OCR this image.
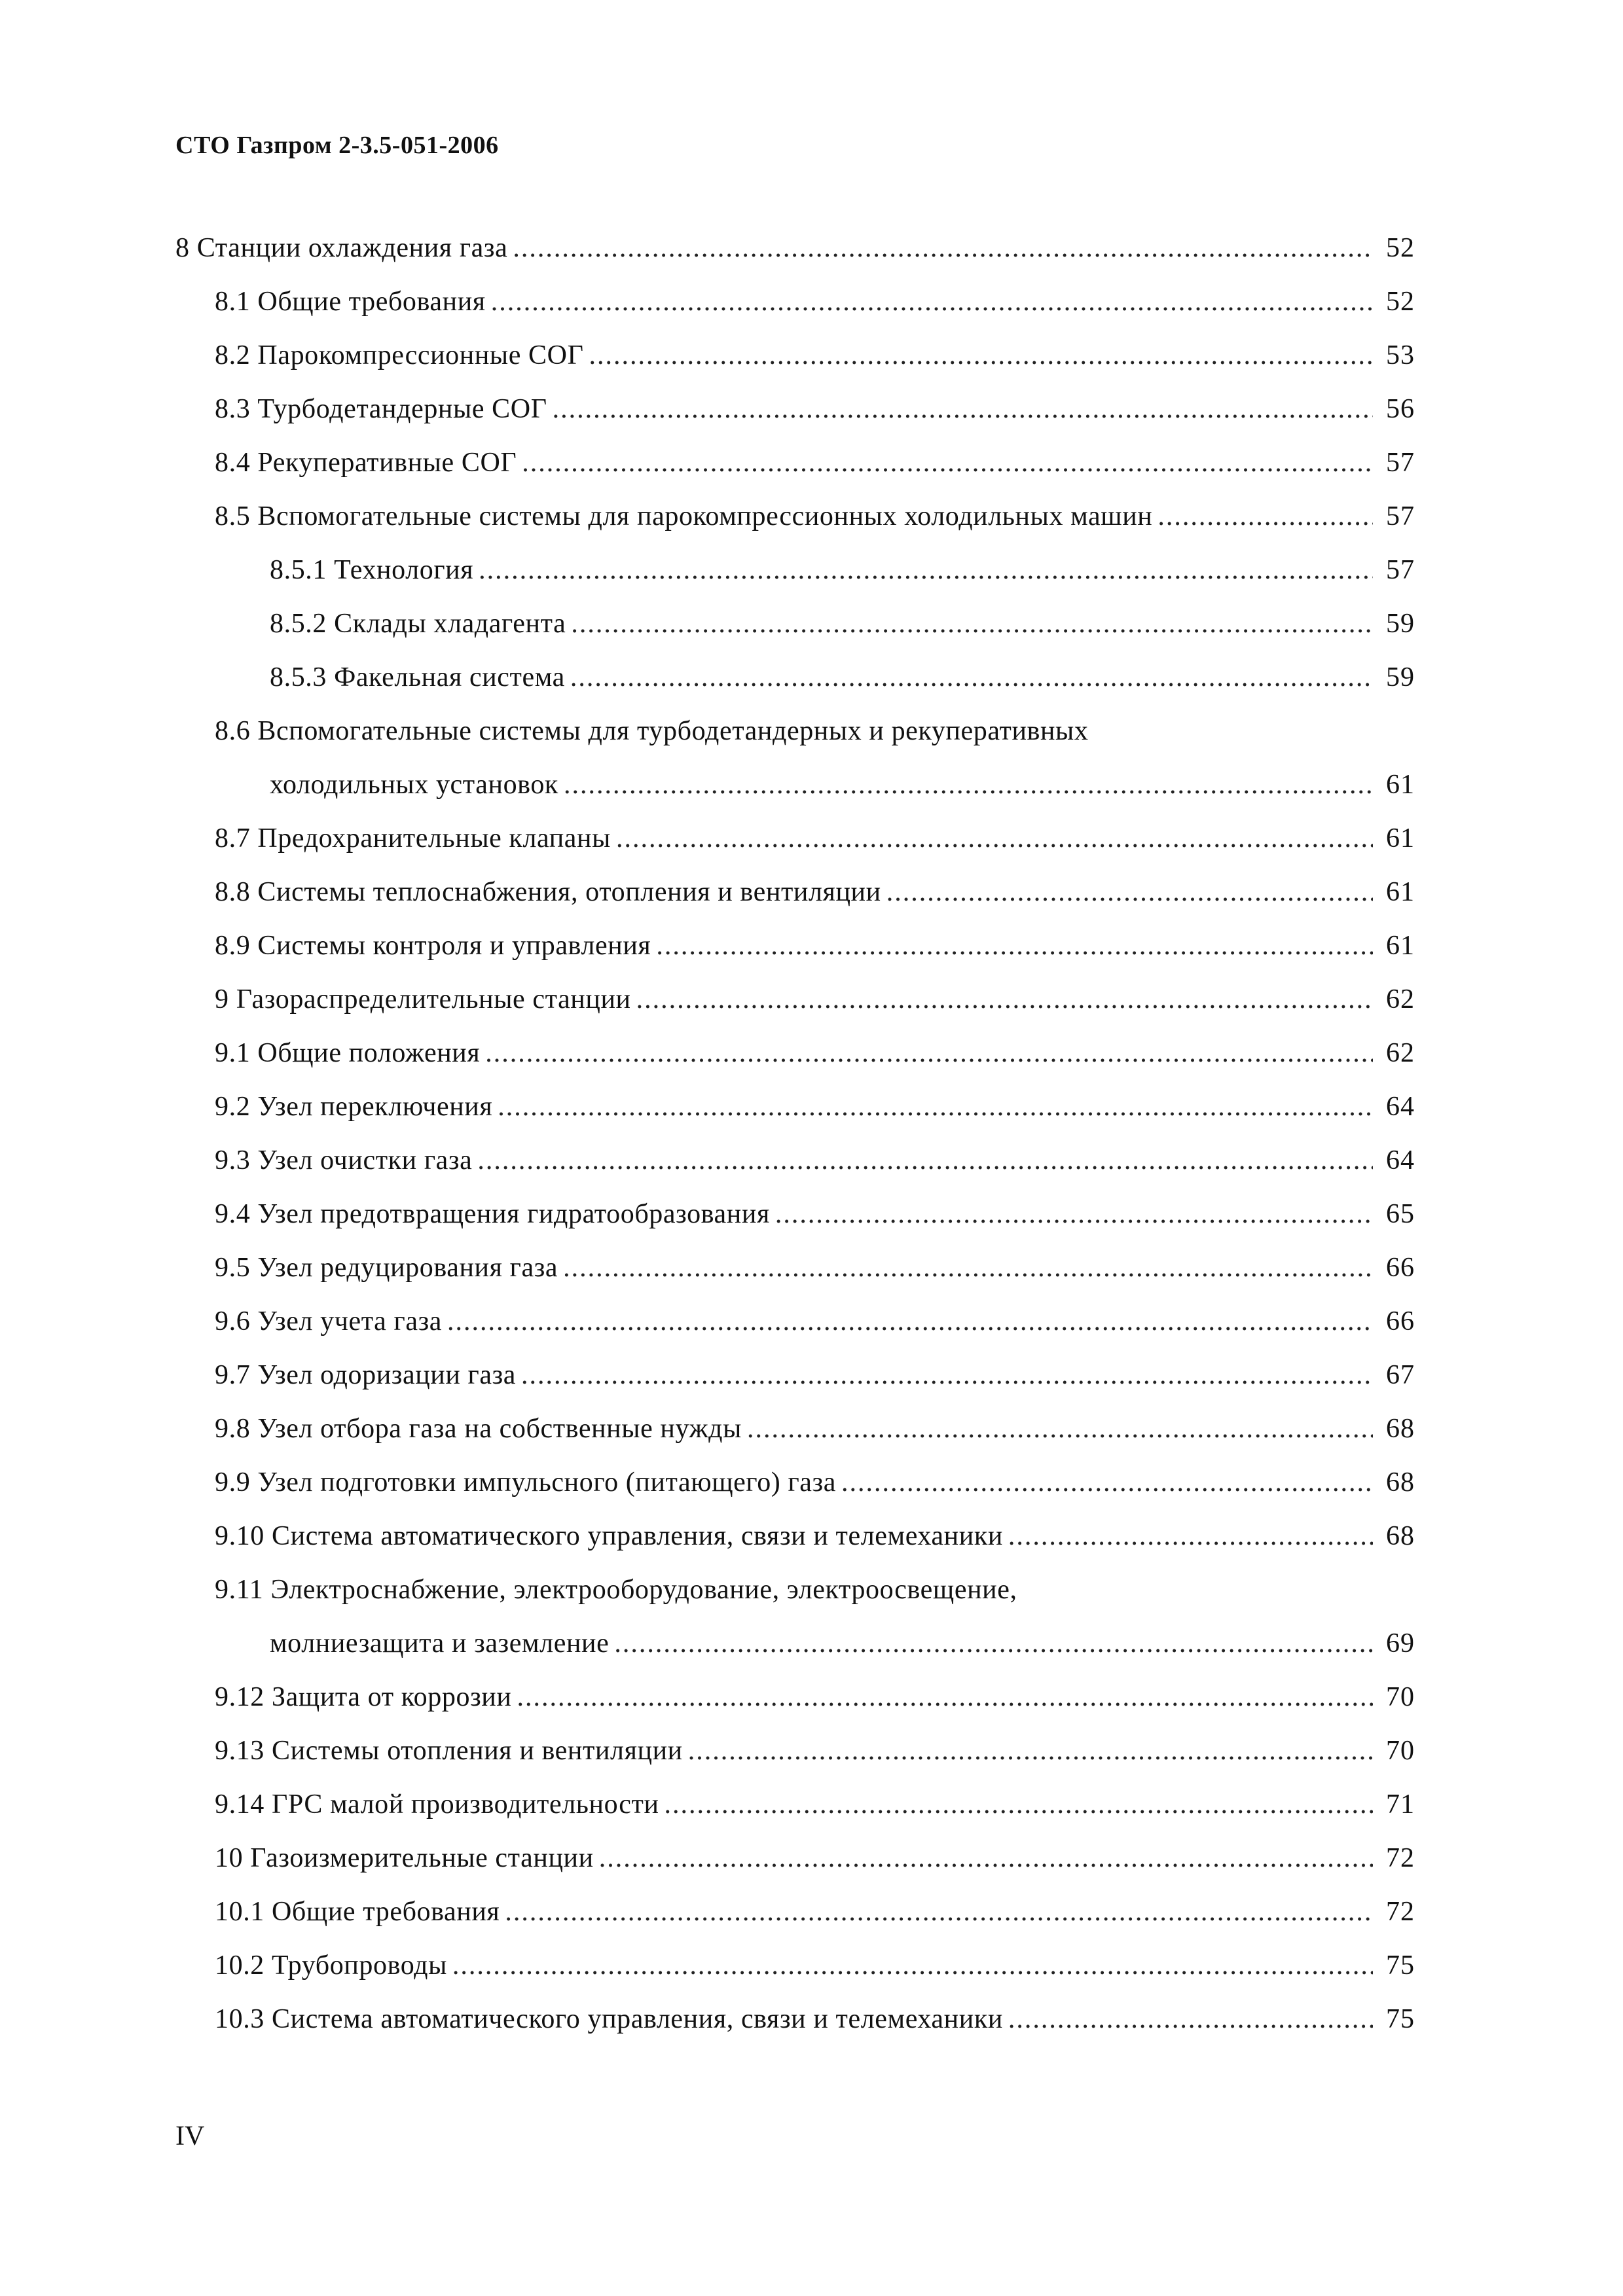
СТО Газпром 2-3.5-051-2006
8 Станции охлаждения газа .....	52
8.1 Общие требования .....	52
8.2 Парокомпрессионные СОГ .....	53
8.3 Турбодетандерные СОГ .....	56
8.4 Рекуперативные СОГ .....	57
8.5 Вспомогательные системы для парокомпрессионных холодильных машин .....	57
8.5.1 Технология .....	57
8.5.2 Склады хладагента .....	59
8.5.3 Факельная система .....	59
8.6 Вспомогательные системы для турбодетандерных и рекуперативных
холодильных установок .....	61
8.7 Предохранительные клапаны .....	61
8.8 Системы теплоснабжения, отопления и вентиляции .....	61
8.9 Системы контроля и управления .....	61
9 Газораспределительные станции .....	62
9.1 Общие положения .....	62
9.2 Узел переключения .....	64
9.3 Узел очистки газа .....	64
9.4 Узел предотвращения гидратообразования .....	65
9.5 Узел редуцирования газа .....	66
9.6 Узел учета газа .....	66
9.7 Узел одоризации газа .....	67
9.8 Узел отбора газа на собственные нужды .....	68
9.9 Узел подготовки импульсного (питающего) газа .....	68
9.10 Система автоматического управления, связи и телемеханики .....	68
9.11 Электроснабжение, электрооборудование, электроосвещение,
молниезащита и заземление .....	69
9.12 Защита от коррозии .....	70
9.13 Системы отопления и вентиляции .....	70
9.14 ГРС малой производительности .....	71
10 Газоизмерительные станции .....	72
10.1 Общие требования .....	72
10.2 Трубопроводы .....	75
10.3 Система автоматического управления, связи и телемеханики .....	75
IV
